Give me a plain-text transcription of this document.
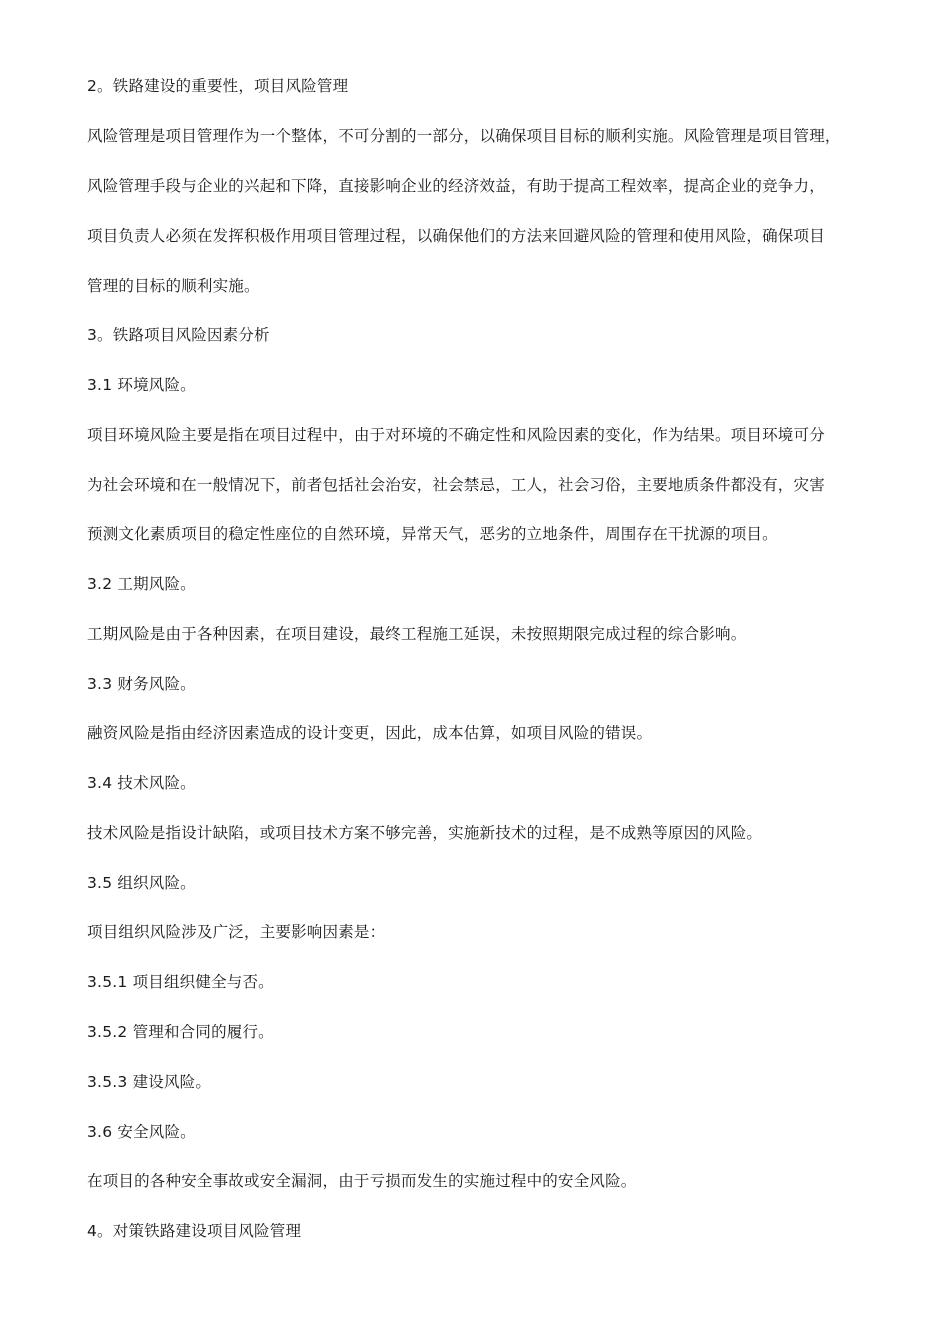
2。铁路建设的重要性，项目风险管理
风险管理是项目管理作为一个整体，不可分割的一部分，以确保项目目标的顺利实施。风险管理是项目管理，
风险管理手段与企业的兴起和下降，直接影响企业的经济效益，有助于提高工程效率，提高企业的竞争力，
项目负责人必须在发挥积极作用项目管理过程，以确保他们的方法来回避风险的管理和使用风险，确保项目
管理的目标的顺利实施。
3。铁路项目风险因素分析
3.1 环境风险。
项目环境风险主要是指在项目过程中，由于对环境的不确定性和风险因素的变化，作为结果。项目环境可分
为社会环境和在一般情况下，前者包括社会治安，社会禁忌，工人，社会习俗，主要地质条件都没有，灾害
预测文化素质项目的稳定性座位的自然环境，异常天气，恶劣的立地条件，周围存在干扰源的项目。
3.2 工期风险。
工期风险是由于各种因素，在项目建设，最终工程施工延误，未按照期限完成过程的综合影响。
3.3 财务风险。
融资风险是指由经济因素造成的设计变更，因此，成本估算，如项目风险的错误。
3.4 技术风险。
技术风险是指设计缺陷，或项目技术方案不够完善，实施新技术的过程，是不成熟等原因的风险。
3.5 组织风险。
项目组织风险涉及广泛，主要影响因素是：
3.5.1 项目组织健全与否。
3.5.2 管理和合同的履行。
3.5.3 建设风险。
3.6 安全风险。
在项目的各种安全事故或安全漏洞，由于亏损而发生的实施过程中的安全风险。
4。对策铁路建设项目风险管理
